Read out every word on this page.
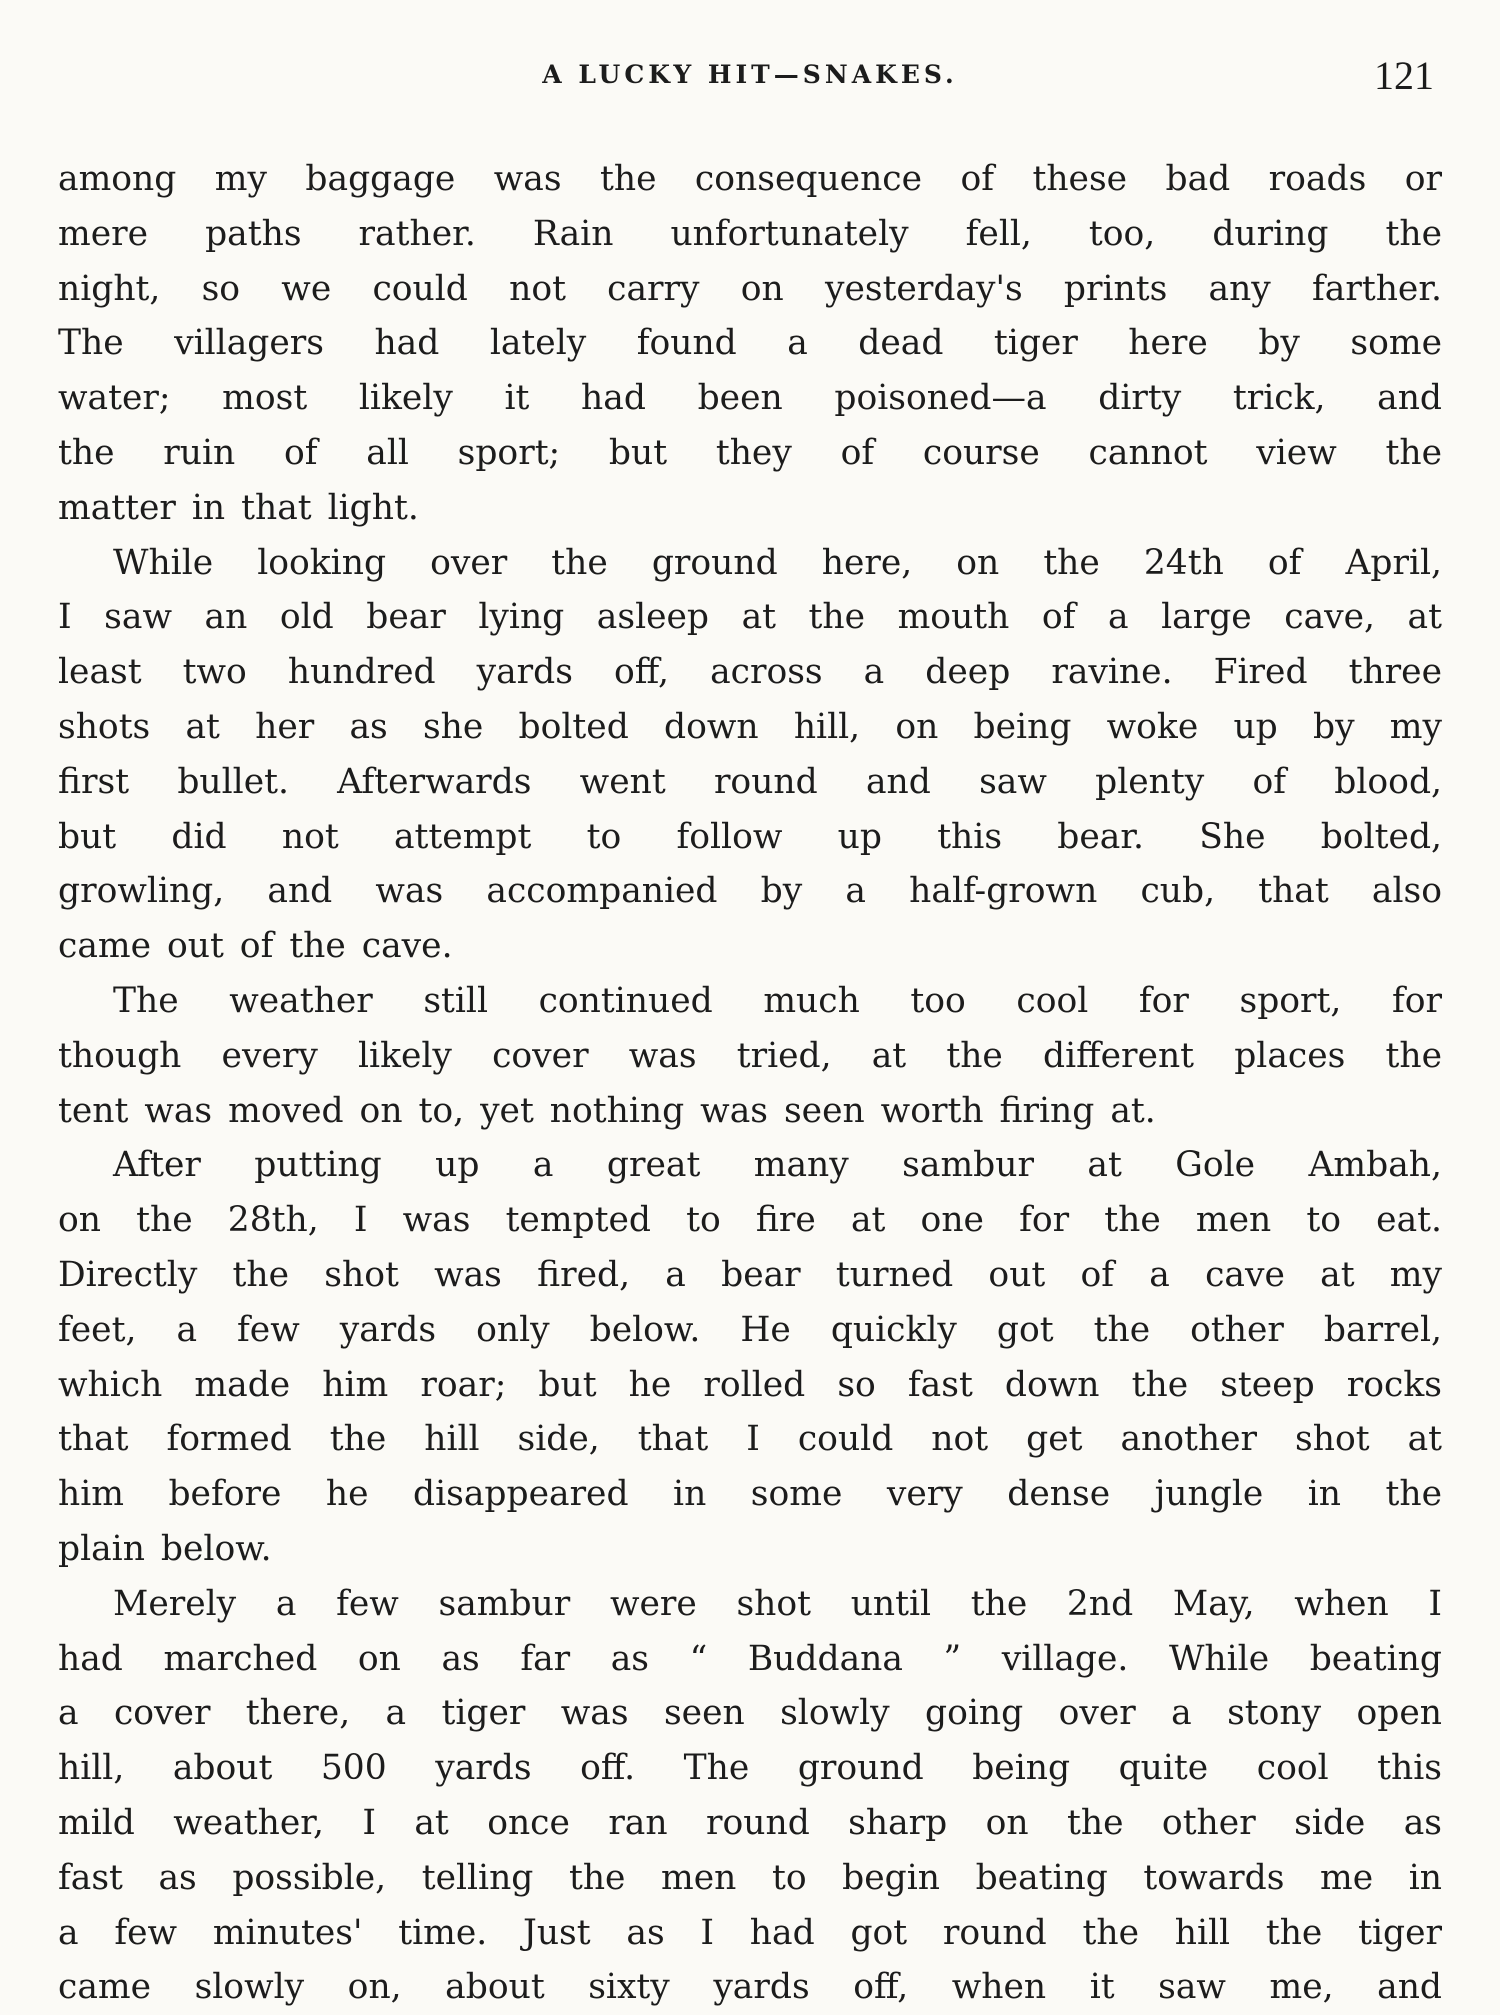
A LUCKY HIT—SNAKES.	121

among my baggage was the consequence of these bad roads or

mere paths rather. Rain unfortunately fell, too, during the

night, so we could not carry on yesterday's prints any farther.

The villagers had lately found a dead tiger here by some

water; most likely it had been poisoned—a dirty trick, and

the ruin of all sport; but they of course cannot view the

matter in that light.

While looking over the ground here, on the 24th of April,

I saw an old bear lying asleep at the mouth of a large cave, at

least two hundred yards off, across a deep ravine. Fired three

shots at her as she bolted down hill, on being woke up by my

first bullet. Afterwards went round and saw plenty of blood,

but did not attempt to follow up this bear. She bolted,

growling, and was accompanied by a half-grown cub, that also

came out of the cave.

The weather still continued much too cool for sport, for

though every likely cover was tried, at the different places the

tent was moved on to, yet nothing was seen worth firing at.

After putting up a great many sambur at Gole Ambah,

on the 28th, I was tempted to fire at one for the men to eat.

Directly the shot was fired, a bear turned out of a cave at my

feet, a few yards only below. He quickly got the other barrel,

which made him roar; but he rolled so fast down the steep rocks

that formed the hill side, that I could not get another shot at

him before he disappeared in some very dense jungle in the

plain below.

Merely a few sambur were shot until the 2nd May, when I

had marched on as far as “ Buddana ” village. While beating

a cover there, a tiger was seen slowly going over a stony open

hill, about 500 yards off. The ground being quite cool this

mild weather, I at once ran round sharp on the other side as

fast as possible, telling the men to begin beating towards me in

a few minutes' time. Just as I had got round the hill the tiger

came slowly on, about sixty yards off, when it saw me, and
